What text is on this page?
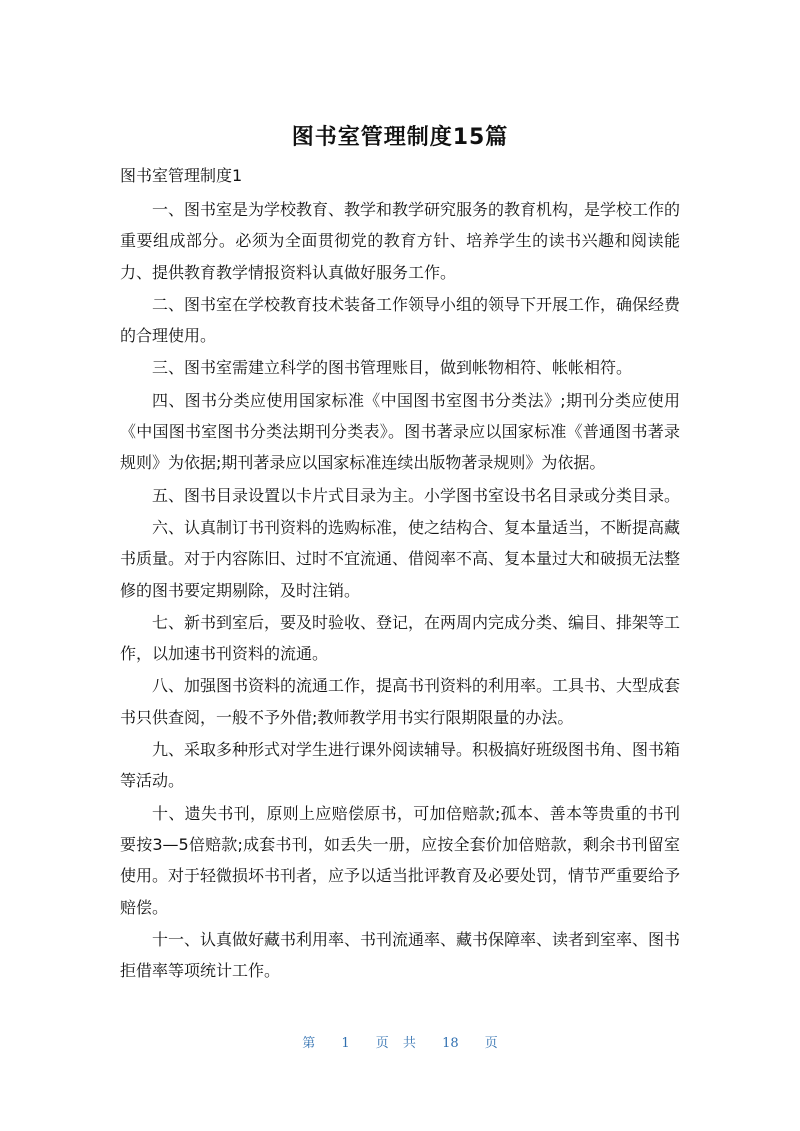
图书室管理制度15篇
图书室管理制度1

一、图书室是为学校教育、教学和教学研究服务的教育机构，是学校工作的重要组成部分。必须为全面贯彻党的教育方针、培养学生的读书兴趣和阅读能力、提供教育教学情报资料认真做好服务工作。

二、图书室在学校教育技术装备工作领导小组的领导下开展工作，确保经费的合理使用。

三、图书室需建立科学的图书管理账目，做到帐物相符、帐帐相符。

四、图书分类应使用国家标准《中国图书室图书分类法》;期刊分类应使用《中国图书室图书分类法期刊分类表》。图书著录应以国家标准《普通图书著录规则》为依据;期刊著录应以国家标准连续出版物著录规则》为依据。

五、图书目录设置以卡片式目录为主。小学图书室设书名目录或分类目录。

六、认真制订书刊资料的选购标准，使之结构合、复本量适当，不断提高藏书质量。对于内容陈旧、过时不宜流通、借阅率不高、复本量过大和破损无法整修的图书要定期剔除，及时注销。

七、新书到室后，要及时验收、登记，在两周内完成分类、编目、排架等工作，以加速书刊资料的流通。

八、加强图书资料的流通工作，提高书刊资料的利用率。工具书、大型成套书只供查阅，一般不予外借;教师教学用书实行限期限量的办法。

九、采取多种形式对学生进行课外阅读辅导。积极搞好班级图书角、图书箱等活动。

十、遗失书刊，原则上应赔偿原书，可加倍赔款;孤本、善本等贵重的书刊要按3—5倍赔款;成套书刊，如丢失一册，应按全套价加倍赔款，剩余书刊留室使用。对于轻微损坏书刊者，应予以适当批评教育及必要处罚，情节严重要给予赔偿。

十一、认真做好藏书利用率、书刊流通率、藏书保障率、读者到室率、图书拒借率等项统计工作。

第 1 页 共 18 页
